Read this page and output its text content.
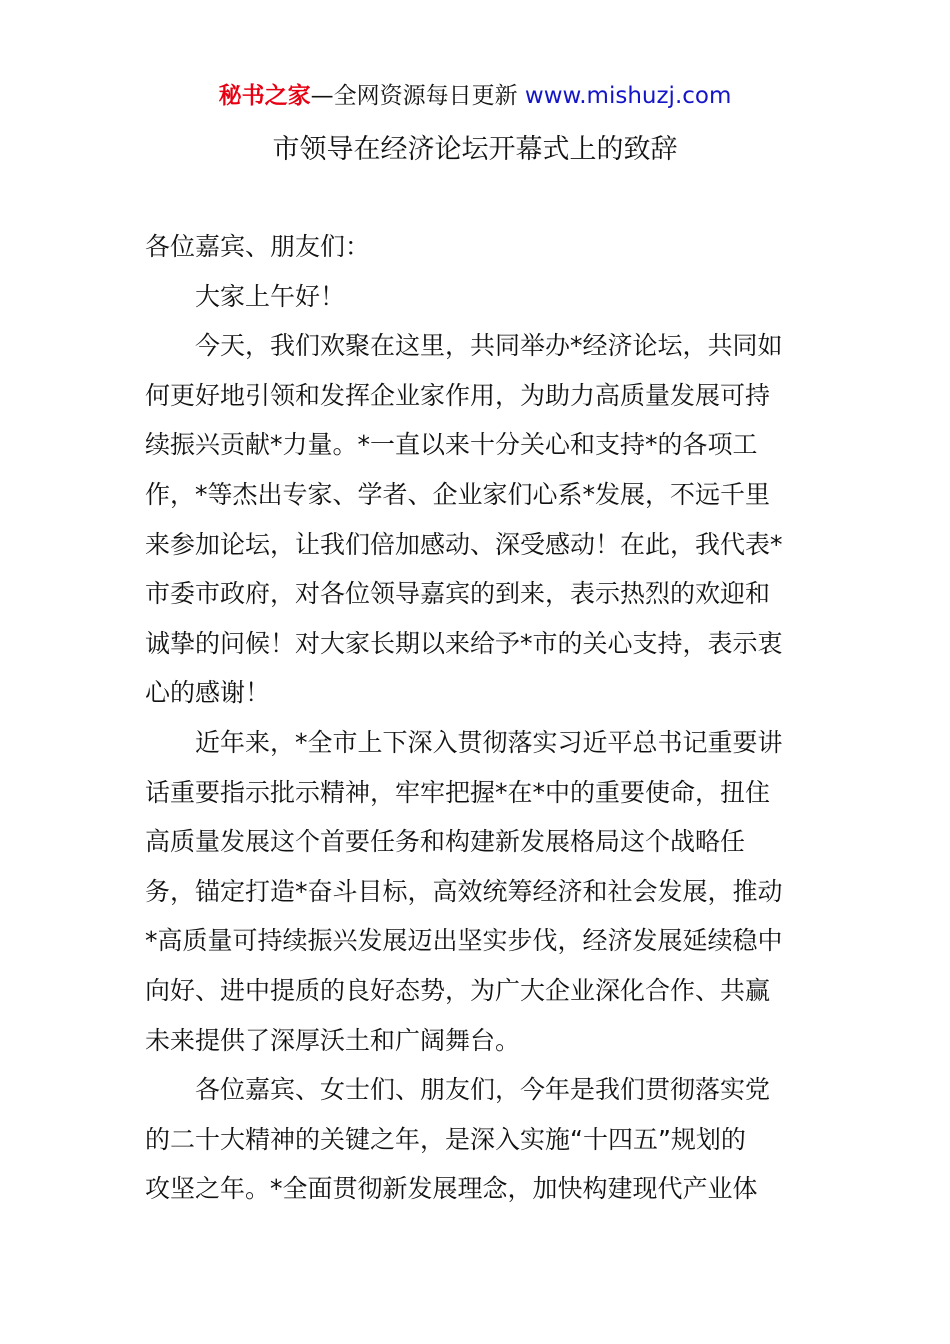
秘书之家—全网资源每日更新 www.mishuzj.com
市领导在经济论坛开幕式上的致辞
各位嘉宾、朋友们：
大家上午好！
今天，我们欢聚在这里，共同举办*经济论坛，共同如
何更好地引领和发挥企业家作用，为助力高质量发展可持
续振兴贡献*力量。*一直以来十分关心和支持*的各项工
作，*等杰出专家、学者、企业家们心系*发展，不远千里
来参加论坛，让我们倍加感动、深受感动！在此，我代表*
市委市政府，对各位领导嘉宾的到来，表示热烈的欢迎和
诚挚的问候！对大家长期以来给予*市的关心支持，表示衷
心的感谢！
近年来，*全市上下深入贯彻落实习近平总书记重要讲
话重要指示批示精神，牢牢把握*在*中的重要使命，扭住
高质量发展这个首要任务和构建新发展格局这个战略任
务，锚定打造*奋斗目标，高效统筹经济和社会发展，推动
*高质量可持续振兴发展迈出坚实步伐，经济发展延续稳中
向好、进中提质的良好态势，为广大企业深化合作、共赢
未来提供了深厚沃土和广阔舞台。
各位嘉宾、女士们、朋友们，今年是我们贯彻落实党
的二十大精神的关键之年，是深入实施“十四五”规划的
攻坚之年。*全面贯彻新发展理念，加快构建现代产业体
